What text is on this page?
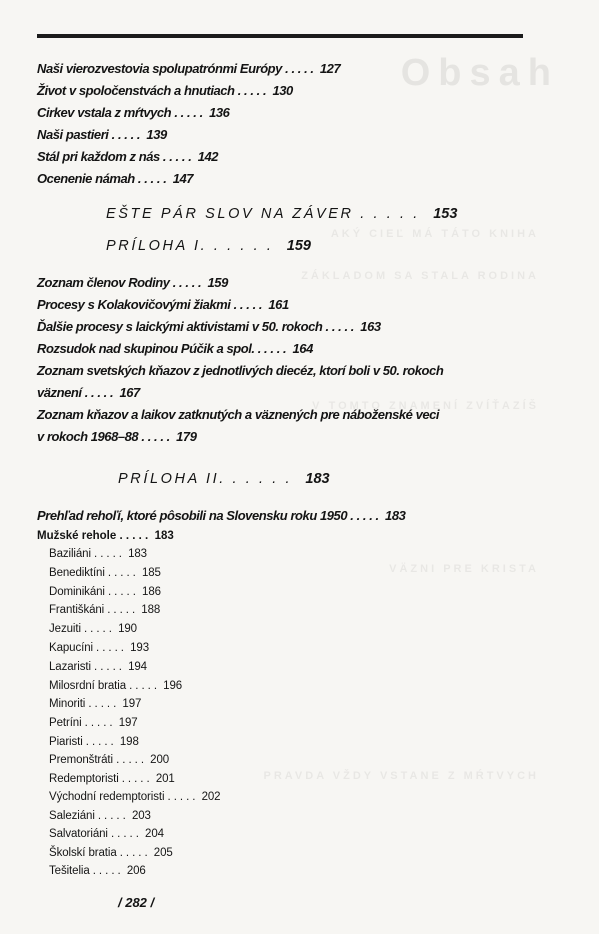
Obsah
AKÝ CIEĽ MÁ TÁTO KNIHA
ZÁKLADOM SA STALA RODINA
V TOMTO ZNAMENÍ ZVÍŤAZÍŠ
VÄZNI PRE KRISTA
PRAVDA VŽDY VSTANE Z MŔTVYCH
Naši vierozvestovia spolupatrónmi Európy . . . . . 127
Život v spoločenstvách a hnutiach . . . . . 130
Cirkev vstala z mŕtvych . . . . . 136
Naši pastieri . . . . . 139
Stál pri každom z nás . . . . . 142
Ocenenie námah . . . . . 147
EŠTE PÁR SLOV NA ZÁVER . . . . . 153
PRÍLOHA I. . . . . . 159
Zoznam členov Rodiny . . . . . 159
Procesy s Kolakovičovými žiakmi . . . . . 161
Ďalšie procesy s laickými aktivistami v 50. rokoch . . . . . 163
Rozsudok nad skupinou Púčik a spol. . . . . . 164
Zoznam svetských kňazov z jednotlivých diecéz, ktorí boli v 50. rokoch
väznení . . . . . 167
Zoznam kňazov a laikov zatknutých a väznených pre náboženské veci
v rokoch 1968–88 . . . . . 179
PRÍLOHA II. . . . . . 183
Prehľad rehoľí, ktoré pôsobili na Slovensku roku 1950 . . . . . 183
Mužské rehole . . . . . 183
Baziliáni . . . . . 183
Benediktíni . . . . . 185
Dominikáni . . . . . 186
Františkáni . . . . . 188
Jezuiti . . . . . 190
Kapucíni . . . . . 193
Lazaristi . . . . . 194
Milosrdní bratia . . . . . 196
Minoriti . . . . . 197
Petríni . . . . . 197
Piaristi . . . . . 198
Premonštráti . . . . . 200
Redemptoristi . . . . . 201
Východní redemptoristi . . . . . 202
Saleziáni . . . . . 203
Salvatoriáni . . . . . 204
Školskí bratia . . . . . 205
Tešitelia . . . . . 206
/ 282 /
